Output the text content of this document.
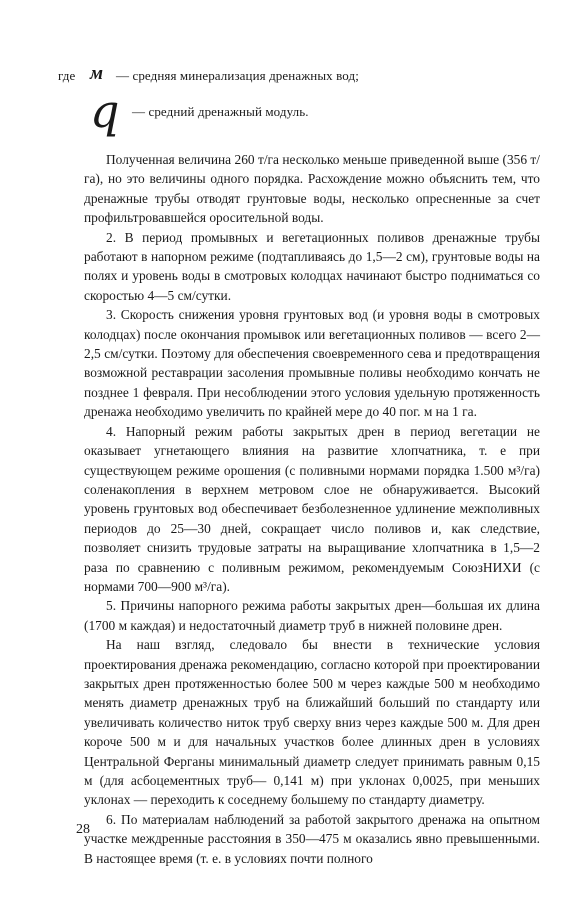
где м — средняя минерализация дренажных вод;
q — средний дренажный модуль.

Полученная величина 260 т/га несколько меньше приведенной выше (356 т/га), но это величины одного порядка. Расхождение можно объяснить тем, что дренажные трубы отводят грунтовые воды, несколько опресненные за счет профильтровавшейся оросительной воды.

2. В период промывных и вегетационных поливов дренажные трубы работают в напорном режиме (подтапливаясь до 1,5—2 см), грунтовые воды на полях и уровень воды в смотровых колодцах начинают быстро подниматься со скоростью 4—5 см/сутки.

3. Скорость снижения уровня грунтовых вод (и уровня воды в смотровых колодцах) после окончания промывок или вегетационных поливов — всего 2—2,5 см/сутки. Поэтому для обеспечения своевременного сева и предотвращения возможной реставрации засоления промывные поливы необходимо кончать не позднее 1 февраля. При несоблюдении этого условия удельную протяженность дренажа необходимо увеличить по крайней мере до 40 пог. м на 1 га.

4. Напорный режим работы закрытых дрен в период вегетации не оказывает угнетающего влияния на развитие хлопчатника, т. е при существующем режиме орошения (с поливными нормами порядка 1.500 м³/га) соленакопления в верхнем метровом слое не обнаруживается. Высокий уровень грунтовых вод обеспечивает безболезненное удлинение межполивных периодов до 25—30 дней, сокращает число поливов и, как следствие, позволяет снизить трудовые затраты на выращивание хлопчатника в 1,5—2 раза по сравнению с поливным режимом, рекомендуемым СоюзНИХИ (с нормами 700—900 м³/га).

5. Причины напорного режима работы закрытых дрен—большая их длина (1700 м каждая) и недостаточный диаметр труб в нижней половине дрен.

На наш взгляд, следовало бы внести в технические условия проектирования дренажа рекомендацию, согласно которой при проектировании закрытых дрен протяженностью более 500 м через каждые 500 м необходимо менять диаметр дренажных труб на ближайший больший по стандарту или увеличивать количество ниток труб сверху вниз через каждые 500 м. Для дрен короче 500 м и для начальных участков более длинных дрен в условиях Центральной Ферганы минимальный диаметр следует принимать равным 0,15 м (для асбоцементных труб— 0,141 м) при уклонах 0,0025, при меньших уклонах — переходить к соседнему большему по стандарту диаметру.

6. По материалам наблюдений за работой закрытого дренажа на опытном участке междренные расстояния в 350—475 м оказались явно превышенными. В настоящее время (т. е. в условиях почти полного

28
